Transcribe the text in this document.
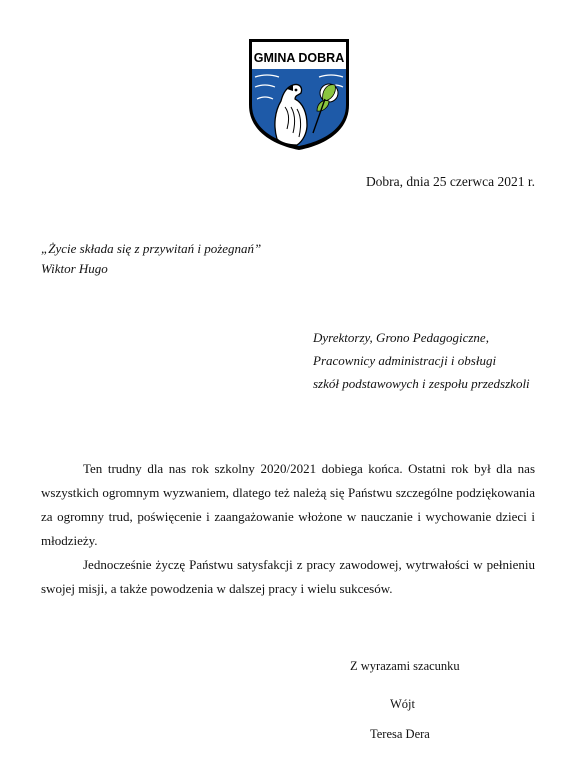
GMINA DOBRA
Dobra, dnia 25 czerwca 2021 r.
„Życie składa się z przywitań i pożegnań”
Wiktor Hugo
Dyrektorzy, Grono Pedagogiczne,
Pracownicy administracji i obsługi
szkół podstawowych i zespołu przedszkoli

Ten trudny dla nas rok szkolny 2020/2021 dobiega końca. Ostatni rok był dla nas wszystkich ogromnym wyzwaniem, dlatego też należą się Państwu szczególne podziękowania za ogromny trud, poświęcenie i zaangażowanie włożone w nauczanie i wychowanie dzieci i młodzieży.

Jednocześnie życzę Państwu satysfakcji z pracy zawodowej, wytrwałości w pełnieniu swojej misji, a także powodzenia w dalszej pracy i wielu sukcesów.

Z wyrazami szacunku
Wójt
Teresa Dera
